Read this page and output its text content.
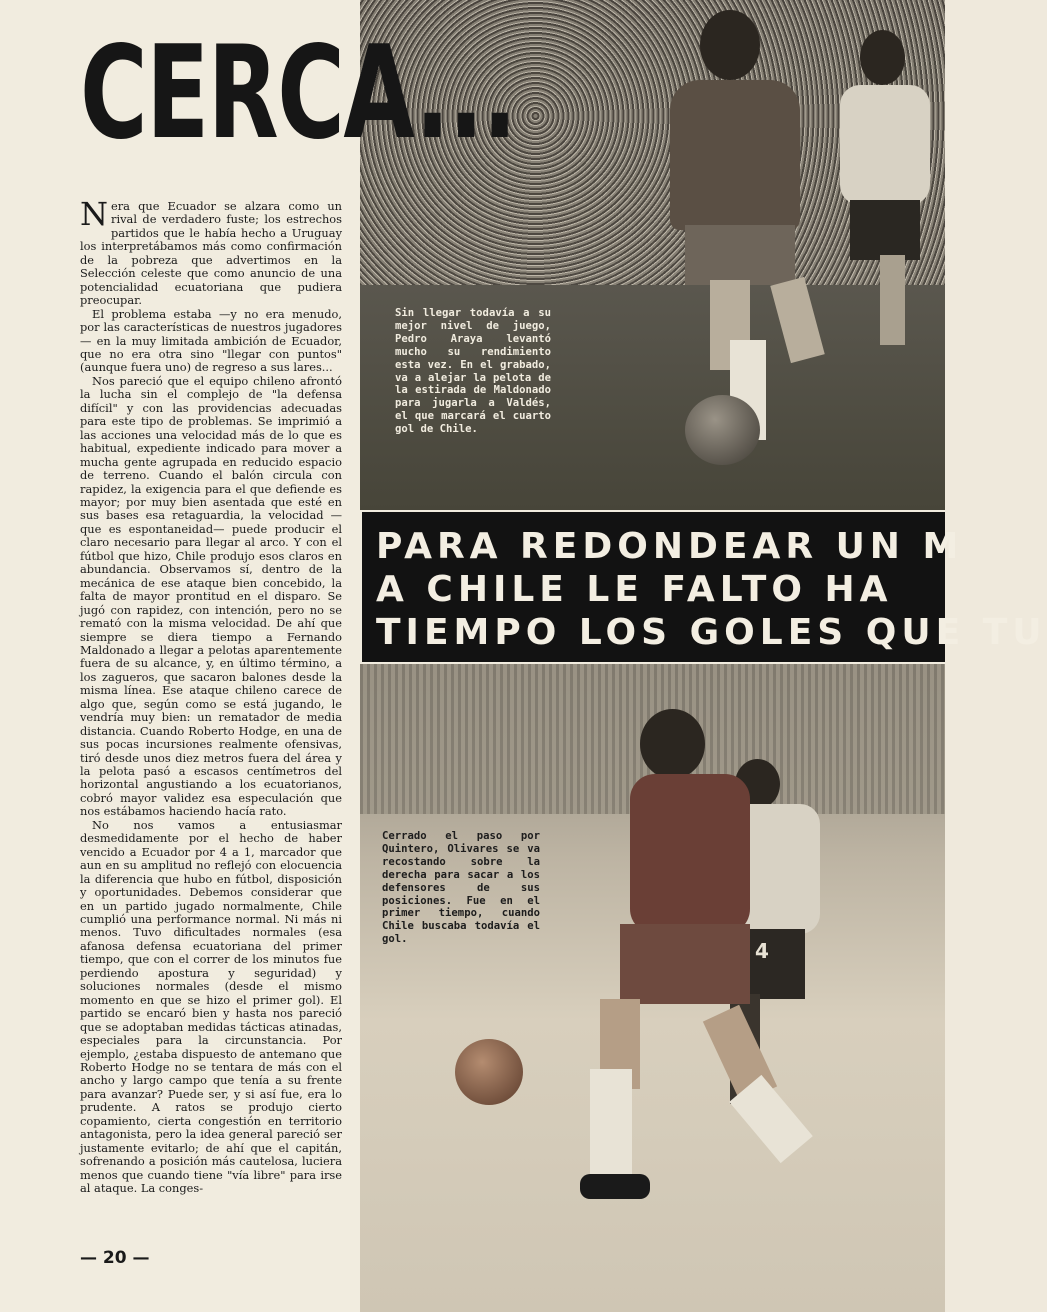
CERCA...
Sin llegar todavía a su mejor nivel de juego, Pedro Araya levantó mucho su rendimiento esta vez. En el grabado, va a alejar la pelota de la estirada de Maldonado para jugarla a Valdés, el que marcará el cuarto gol de Chile.

Nera que Ecuador se alzara como un rival de verdadero fuste; los estrechos partidos que le había hecho a Uruguay los interpretábamos más como confirmación de la pobreza que advertimos en la Selección celeste que como anuncio de una potencialidad ecuatoriana que pudiera preocupar.

El problema estaba —y no era menudo, por las características de nuestros jugadores— en la muy limitada ambición de Ecuador, que no era otra sino "llegar con puntos" (aunque fuera uno) de regreso a sus lares...

Nos pareció que el equipo chileno afrontó la lucha sin el complejo de "la defensa difícil" y con las providencias adecuadas para este tipo de problemas. Se imprimió a las acciones una velocidad más de lo que es habitual, expediente indicado para mover a mucha gente agrupada en reducido espacio de terreno. Cuando el balón circula con rapidez, la exigencia para el que defiende es mayor; por muy bien asentada que esté en sus bases esa retaguardia, la velocidad —que es espontaneidad— puede producir el claro necesario para llegar al arco. Y con el fútbol que hizo, Chile produjo esos claros en abundancia. Observamos sí, dentro de la mecánica de ese ataque bien concebido, la falta de mayor prontitud en el disparo. Se jugó con rapidez, con intención, pero no se remató con la misma velocidad. De ahí que siempre se diera tiempo a Fernando Maldonado a llegar a pelotas aparentemente fuera de su alcance, y, en último término, a los zagueros, que sacaron balones desde la misma línea. Ese ataque chileno carece de algo que, según como se está jugando, le vendría muy bien: un rematador de media distancia. Cuando Roberto Hodge, en una de sus pocas incursiones realmente ofensivas, tiró desde unos diez metros fuera del área y la pelota pasó a escasos centímetros del horizontal angustiando a los ecuatorianos, cobró mayor validez esa especulación que nos estábamos haciendo hacía rato.

No nos vamos a entusiasmar desmedidamente por el hecho de haber vencido a Ecuador por 4 a 1, marcador que aun en su amplitud no reflejó con elocuencia la diferencia que hubo en fútbol, disposición y oportunidades. Debemos considerar que en un partido jugado normalmente, Chile cumplió una performance normal. Ni más ni menos. Tuvo dificultades normales (esa afanosa defensa ecuatoriana del primer tiempo, que con el correr de los minutos fue perdiendo apostura y seguridad) y soluciones normales (desde el mismo momento en que se hizo el primer gol). El partido se encaró bien y hasta nos pareció que se adoptaban medidas tácticas atinadas, especiales para la circunstancia. Por ejemplo, ¿estaba dispuesto de antemano que Roberto Hodge no se tentara de más con el ancho y largo campo que tenía a su frente para avanzar? Puede ser, y si así fue, era lo prudente. A ratos se produjo cierto copamiento, cierta congestión en territorio antagonista, pero la idea general pareció ser justamente evitarlo; de ahí que el capitán, sofrenando a posición más cautelosa, luciera menos que cuando tiene "vía libre" para irse al ataque. La conges-

— 20 —
PARA REDONDEAR UN M
A CHILE LE FALTO HA
TIEMPO LOS GOLES QUE TU
4
Cerrado el paso por Quintero, Olivares se va recostando sobre la derecha para sacar a los defensores de sus posiciones. Fue en el primer tiempo, cuando Chile buscaba todavía el gol.
